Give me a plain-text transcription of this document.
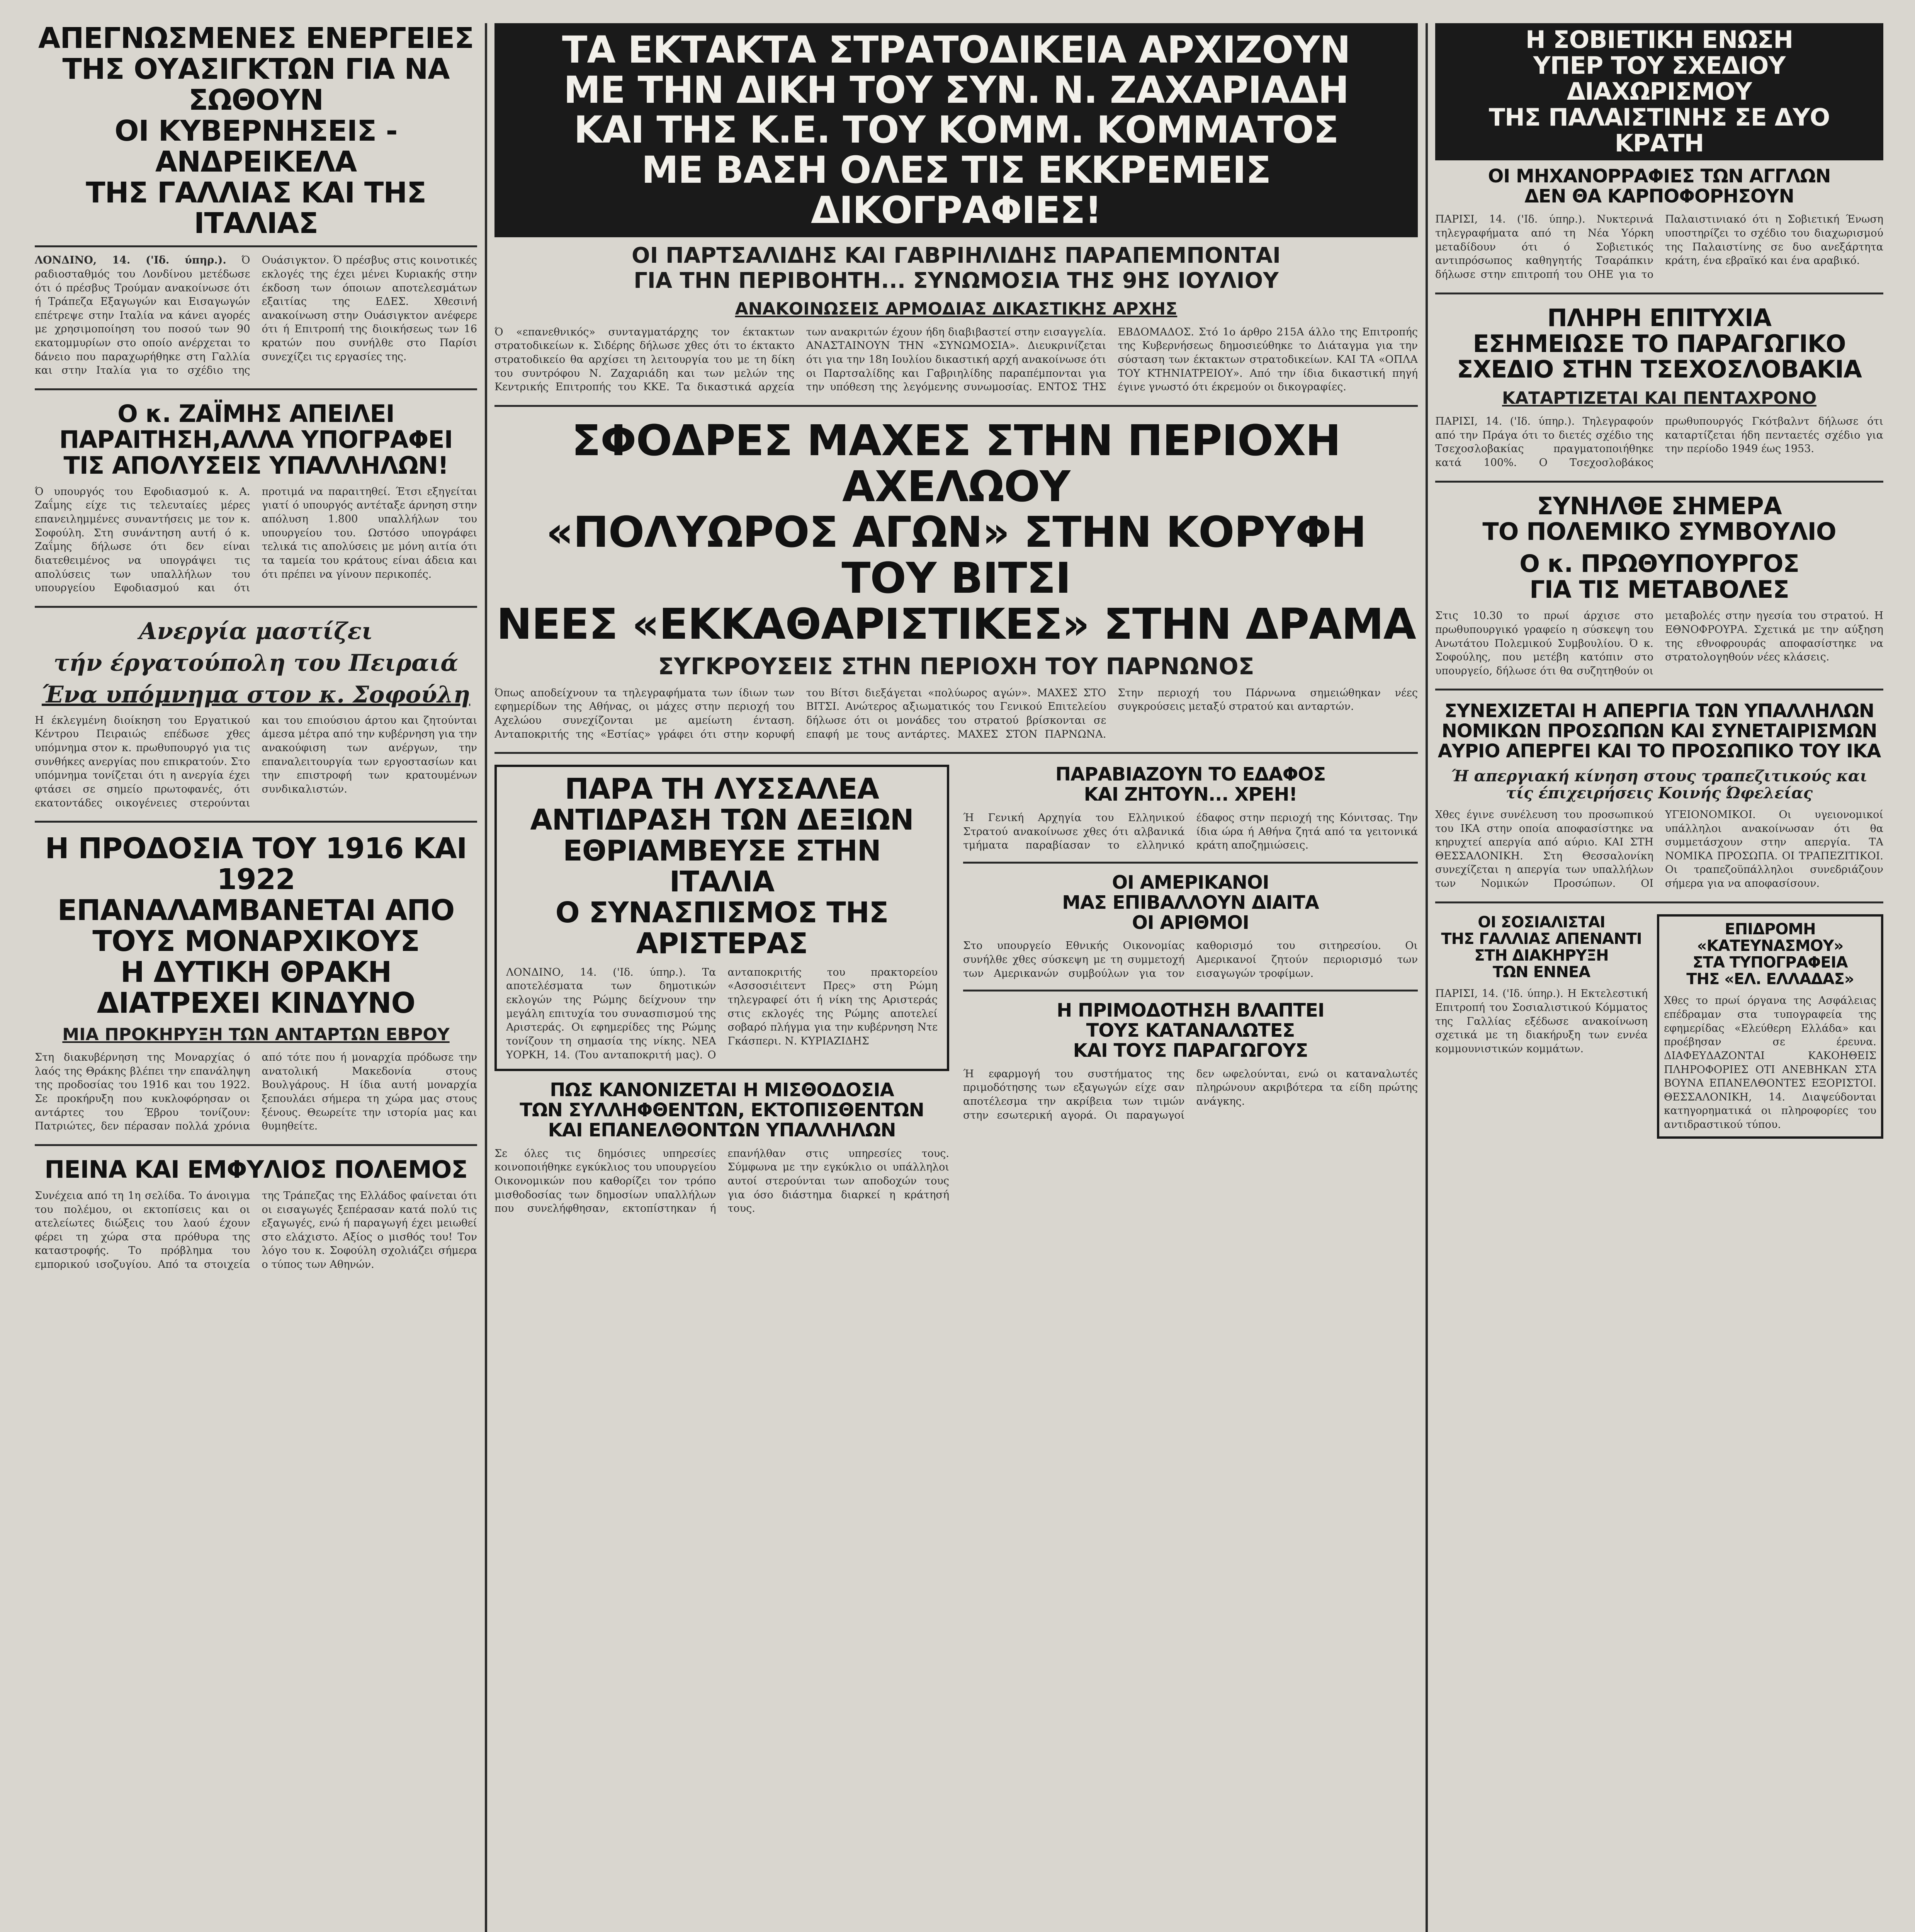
ΑΠΕΓΝΩΣΜΕΝΕΣ ΕΝΕΡΓΕΙΕΣ
ΤΗΣ ΟΥΑΣΙΓΚΤΩΝ ΓΙΑ ΝΑ ΣΩΘΟΥΝ
ΟΙ ΚΥΒΕΡΝΗΣΕΙΣ - ΑΝΔΡΕΙΚΕΛΑ
ΤΗΣ ΓΑΛΛΙΑΣ ΚΑΙ ΤΗΣ ΙΤΑΛΙΑΣ
ΛΟΝΔΙΝΟ, 14. ('Ιδ. ύπηρ.). Ό ραδιοσταθμός του Λονδίνου μετέδωσε ότι ό πρέσβυς Τρούμαν ανακοίνωσε ότι ή Τράπεζα Εξαγωγών και Εισαγωγών επέτρεψε στην Ιταλία να κάνει αγορές με χρησιμοποίηση του ποσού των 90 εκατομμυρίων στο οποίο ανέρχεται το δάνειο που παραχωρήθηκε στη Γαλλία και στην Ιταλία για το σχέδιο της Ουάσιγκτον. Ό πρέσβυς στις κοινοτικές εκλογές της έχει μένει Κυριακής στην έκδοση των όποιων αποτελεσμάτων εξαιτίας της ΕΔΕΣ. Χθεσινή ανακοίνωση στην Ουάσιγκτον ανέφερε ότι ή Επιτροπή της διοικήσεως των 16 κρατών που συνήλθε στο Παρίσι συνεχίζει τις εργασίες της.
Ο κ. ΖΑΪΜΗΣ ΑΠΕΙΛΕΙ
ΠΑΡΑΙΤΗΣΗ,ΑΛΛΑ ΥΠΟΓΡΑΦΕΙ
ΤΙΣ ΑΠΟΛΥΣΕΙΣ ΥΠΑΛΛΗΛΩΝ!
Ό υπουργός του Εφοδιασμού κ. Α. Ζαΐμης είχε τις τελευταίες μέρες επανειλημμένες συναντήσεις με τον κ. Σοφούλη. Στη συνάντηση αυτή ό κ. Ζαΐμης δήλωσε ότι δεν είναι διατεθειμένος να υπογράψει τις απολύσεις των υπαλλήλων του υπουργείου Εφοδιασμού και ότι προτιμά να παραιτηθεί. Έτσι εξηγείται γιατί ό υπουργός αντέταξε άρνηση στην απόλυση 1.800 υπαλλήλων του υπουργείου του. Ωστόσο υπογράφει τελικά τις απολύσεις με μόνη αιτία ότι τα ταμεία του κράτους είναι άδεια και ότι πρέπει να γίνουν περικοπές.
Ανεργία μαστίζει
τήν έργατούπολη του Πειραιά
Ένα υπόμνημα στον κ. Σοφούλη
Η έκλεγμένη διοίκηση του Εργατικού Κέντρου Πειραιώς επέδωσε χθες υπόμνημα στον κ. πρωθυπουργό για τις συνθήκες ανεργίας που επικρατούν. Στο υπόμνημα τονίζεται ότι η ανεργία έχει φτάσει σε σημείο πρωτοφανές, ότι εκατοντάδες οικογένειες στερούνται και του επιούσιου άρτου και ζητούνται άμεσα μέτρα από την κυβέρνηση για την ανακούφιση των ανέργων, την επαναλειτουργία των εργοστασίων και την επιστροφή των κρατουμένων συνδικαλιστών.
Η ΠΡΟΔΟΣΙΑ ΤΟΥ 1916 ΚΑΙ 1922
ΕΠΑΝΑΛΑΜΒΑΝΕΤΑΙ ΑΠΟ ΤΟΥΣ ΜΟΝΑΡΧΙΚΟΥΣ
Η ΔΥΤΙΚΗ ΘΡΑΚΗ ΔΙΑΤΡΕΧΕΙ ΚΙΝΔΥΝΟ
ΜΙΑ ΠΡΟΚΗΡΥΞΗ ΤΩΝ ΑΝΤΑΡΤΩΝ ΕΒΡΟΥ
Στη διακυβέρνηση της Μοναρχίας ό λαός της Θράκης βλέπει την επανάληψη της προδοσίας του 1916 και του 1922. Σε προκήρυξη που κυκλοφόρησαν οι αντάρτες του Έβρου τονίζουν: Πατριώτες, δεν πέρασαν πολλά χρόνια από τότε που ή μοναρχία πρόδωσε την ανατολική Μακεδονία στους Βουλγάρους. Η ίδια αυτή μοναρχία ξεπουλάει σήμερα τη χώρα μας στους ξένους. Θεωρείτε την ιστορία μας και θυμηθείτε.
ΠΕΙΝΑ ΚΑΙ ΕΜΦΥΛΙΟΣ ΠΟΛΕΜΟΣ
Συνέχεια από τη 1η σελίδα. Το άνοιγμα του πολέμου, οι εκτοπίσεις και οι ατελείωτες διώξεις του λαού έχουν φέρει τη χώρα στα πρόθυρα της καταστροφής. Το πρόβλημα του εμπορικού ισοζυγίου. Από τα στοιχεία της Τράπεζας της Ελλάδος φαίνεται ότι οι εισαγωγές ξεπέρασαν κατά πολύ τις εξαγωγές, ενώ ή παραγωγή έχει μειωθεί στο ελάχιστο. Αξίος ο μισθός του! Τον λόγο του κ. Σοφούλη σχολιάζει σήμερα ο τύπος των Αθηνών.
ΤΑ ΕΚΤΑΚΤΑ ΣΤΡΑΤΟΔΙΚΕΙΑ ΑΡΧΙΖΟΥΝ
ΜΕ ΤΗΝ ΔΙΚΗ ΤΟΥ ΣΥΝ. Ν. ΖΑΧΑΡΙΑΔΗ
ΚΑΙ ΤΗΣ Κ.Ε. ΤΟΥ ΚΟΜΜ. ΚΟΜΜΑΤΟΣ
ΜΕ ΒΑΣΗ ΟΛΕΣ ΤΙΣ ΕΚΚΡΕΜΕΙΣ ΔΙΚΟΓΡΑΦΙΕΣ!
ΟΙ ΠΑΡΤΣΑΛΙΔΗΣ ΚΑΙ ΓΑΒΡΙΗΛΙΔΗΣ ΠΑΡΑΠΕΜΠΟΝΤΑΙ
ΓΙΑ ΤΗΝ ΠΕΡΙΒΟΗΤΗ... ΣΥΝΩΜΟΣΙΑ ΤΗΣ 9ΗΣ ΙΟΥΛΙΟΥ
ΑΝΑΚΟΙΝΩΣΕΙΣ ΑΡΜΟΔΙΑΣ ΔΙΚΑΣΤΙΚΗΣ ΑΡΧΗΣ
Ό «επανεθνικός» συνταγματάρχης τον έκτακτων στρατοδικείων κ. Σιδέρης δήλωσε χθες ότι το έκτακτο στρατοδικείο θα αρχίσει τη λειτουργία του με τη δίκη του συντρόφου Ν. Ζαχαριάδη και των μελών της Κεντρικής Επιτροπής του ΚΚΕ. Τα δικαστικά αρχεία των ανακριτών έχουν ήδη διαβιβαστεί στην εισαγγελία. ΑΝΑΣΤΑΙΝΟΥΝ ΤΗΝ «ΣΥΝΩΜΟΣΙΑ». Διευκρινίζεται ότι για την 18η Ιουλίου δικαστική αρχή ανακοίνωσε ότι οι Παρτσαλίδης και Γαβριηλίδης παραπέμπονται για την υπόθεση της λεγόμενης συνωμοσίας. ΕΝΤΟΣ ΤΗΣ ΕΒΔΟΜΑΔΟΣ. Στό 1ο άρθρο 215Α άλλο της Επιτροπής της Κυβερνήσεως δημοσιεύθηκε το Διάταγμα για την σύσταση των έκτακτων στρατοδικείων. ΚΑΙ ΤΑ «ΟΠΛΑ ΤΟΥ ΚΤΗΝΙΑΤΡΕΙΟΥ». Από την ίδια δικαστική πηγή έγινε γνωστό ότι έκρεμούν οι δικογραφίες.
ΣΦΟΔΡΕΣ ΜΑΧΕΣ ΣΤΗΝ ΠΕΡΙΟΧΗ ΑΧΕΛΩΟΥ
«ΠΟΛΥΩΡΟΣ ΑΓΩΝ» ΣΤΗΝ ΚΟΡΥΦΗ ΤΟΥ ΒΙΤΣΙ
ΝΕΕΣ «ΕΚΚΑΘΑΡΙΣΤΙΚΕΣ» ΣΤΗΝ ΔΡΑΜΑ
ΣΥΓΚΡΟΥΣΕΙΣ ΣΤΗΝ ΠΕΡΙΟΧΗ ΤΟΥ ΠΑΡΝΩΝΟΣ
Όπως αποδείχνουν τα τηλεγραφήματα των ίδιων των εφημερίδων της Αθήνας, οι μάχες στην περιοχή του Αχελώου συνεχίζονται με αμείωτη ένταση. Ανταποκριτής της «Εστίας» γράφει ότι στην κορυφή του Βίτσι διεξάγεται «πολύωρος αγών». ΜΑΧΕΣ ΣΤΟ ΒΙΤΣΙ. Ανώτερος αξιωματικός του Γενικού Επιτελείου δήλωσε ότι οι μονάδες του στρατού βρίσκονται σε επαφή με τους αντάρτες. ΜΑΧΕΣ ΣΤΟΝ ΠΑΡΝΩΝΑ. Στην περιοχή του Πάρνωνα σημειώθηκαν νέες συγκρούσεις μεταξύ στρατού και ανταρτών.
ΠΑΡΑ ΤΗ ΛΥΣΣΑΛΕΑ
ΑΝΤΙΔΡΑΣΗ ΤΩΝ ΔΕΞΙΩΝ
ΕΘΡΙΑΜΒΕΥΣΕ ΣΤΗΝ ΙΤΑΛΙΑ
Ο ΣΥΝΑΣΠΙΣΜΟΣ ΤΗΣ ΑΡΙΣΤΕΡΑΣ
ΛΟΝΔΙΝΟ, 14. ('Ιδ. ύπηρ.). Τα αποτελέσματα των δημοτικών εκλογών της Ρώμης δείχνουν την μεγάλη επιτυχία του συνασπισμού της Αριστεράς. Οι εφημερίδες της Ρώμης τονίζουν τη σημασία της νίκης. ΝΕΑ ΥΟΡΚΗ, 14. (Του ανταποκριτή μας). Ο ανταποκριτής του πρακτορείου «Ασσοσιέιτεντ Πρες» στη Ρώμη τηλεγραφεί ότι ή νίκη της Αριστεράς στις εκλογές της Ρώμης αποτελεί σοβαρό πλήγμα για την κυβέρνηση Ντε Γκάσπερι. Ν. ΚΥΡΙΑΖΙΔΗΣ
ΠΩΣ ΚΑΝΟΝΙΖΕΤΑΙ Η ΜΙΣΘΟΔΟΣΙΑ
ΤΩΝ ΣΥΛΛΗΦΘΕΝΤΩΝ, ΕΚΤΟΠΙΣΘΕΝΤΩΝ
ΚΑΙ ΕΠΑΝΕΛΘΟΝΤΩΝ ΥΠΑΛΛΗΛΩΝ
Σε όλες τις δημόσιες υπηρεσίες κοινοποιήθηκε εγκύκλιος του υπουργείου Οικονομικών που καθορίζει τον τρόπο μισθοδοσίας των δημοσίων υπαλλήλων που συνελήφθησαν, εκτοπίστηκαν ή επανήλθαν στις υπηρεσίες τους. Σύμφωνα με την εγκύκλιο οι υπάλληλοι αυτοί στερούνται των αποδοχών τους για όσο διάστημα διαρκεί η κράτησή τους.
ΠΑΡΑΒΙΑΖΟΥΝ ΤΟ ΕΔΑΦΟΣ
ΚΑΙ ΖΗΤΟΥΝ... ΧΡΕΗ!
Ή Γενική Αρχηγία του Ελληνικού Στρατού ανακοίνωσε χθες ότι αλβανικά τμήματα παραβίασαν το ελληνικό έδαφος στην περιοχή της Κόνιτσας. Την ίδια ώρα ή Αθήνα ζητά από τα γειτονικά κράτη αποζημιώσεις.
ΟΙ ΑΜΕΡΙΚΑΝΟΙ
ΜΑΣ ΕΠΙΒΑΛΛΟΥΝ ΔΙΑΙΤΑ
ΟΙ ΑΡΙΘΜΟΙ
Στο υπουργείο Εθνικής Οικονομίας συνήλθε χθες σύσκεψη με τη συμμετοχή των Αμερικανών συμβούλων για τον καθορισμό του σιτηρεσίου. Οι Αμερικανοί ζητούν περιορισμό των εισαγωγών τροφίμων.
Η ΠΡΙΜΟΔΟΤΗΣΗ ΒΛΑΠΤΕΙ
ΤΟΥΣ ΚΑΤΑΝΑΛΩΤΕΣ
ΚΑΙ ΤΟΥΣ ΠΑΡΑΓΩΓΟΥΣ
Ή εφαρμογή του συστήματος της πριμοδότησης των εξαγωγών είχε σαν αποτέλεσμα την ακρίβεια των τιμών στην εσωτερική αγορά. Οι παραγωγοί δεν ωφελούνται, ενώ οι καταναλωτές πληρώνουν ακριβότερα τα είδη πρώτης ανάγκης.
Η ΣΟΒΙΕΤΙΚΗ ΕΝΩΣΗ
ΥΠΕΡ ΤΟΥ ΣΧΕΔΙΟΥ ΔΙΑΧΩΡΙΣΜΟΥ
ΤΗΣ ΠΑΛΑΙΣΤΙΝΗΣ ΣΕ ΔΥΟ ΚΡΑΤΗ
ΟΙ ΜΗΧΑΝΟΡΡΑΦΙΕΣ ΤΩΝ ΑΓΓΛΩΝ
ΔΕΝ ΘΑ ΚΑΡΠΟΦΟΡΗΣΟΥΝ
ΠΑΡΙΣΙ, 14. ('Ιδ. ύπηρ.). Νυκτερινά τηλεγραφήματα από τη Νέα Υόρκη μεταδίδουν ότι ό Σοβιετικός αντιπρόσωπος καθηγητής Τσαράπκιν δήλωσε στην επιτροπή του ΟΗΕ για το Παλαιστινιακό ότι η Σοβιετική Ένωση υποστηρίζει το σχέδιο του διαχωρισμού της Παλαιστίνης σε δυο ανεξάρτητα κράτη, ένα εβραϊκό και ένα αραβικό.
ΠΛΗΡΗ ΕΠΙΤΥΧΙΑ
ΕΣΗΜΕΙΩΣΕ ΤΟ ΠΑΡΑΓΩΓΙΚΟ
ΣΧΕΔΙΟ ΣΤΗΝ ΤΣΕΧΟΣΛΟΒΑΚΙΑ
ΚΑΤΑΡΤΙΖΕΤΑΙ ΚΑΙ ΠΕΝΤΑΧΡΟΝΟ
ΠΑΡΙΣΙ, 14. ('Ιδ. ύπηρ.). Τηλεγραφούν από την Πράγα ότι το διετές σχέδιο της Τσεχοσλοβακίας πραγματοποιήθηκε κατά 100%. Ο Τσεχοσλοβάκος πρωθυπουργός Γκότβαλντ δήλωσε ότι καταρτίζεται ήδη πενταετές σχέδιο για την περίοδο 1949 έως 1953.
ΣΥΝΗΛΘΕ ΣΗΜΕΡΑ
ΤΟ ΠΟΛΕΜΙΚΟ ΣΥΜΒΟΥΛΙΟ
Ο κ. ΠΡΩΘΥΠΟΥΡΓΟΣ
ΓΙΑ ΤΙΣ ΜΕΤΑΒΟΛΕΣ
Στις 10.30 το πρωί άρχισε στο πρωθυπουργικό γραφείο η σύσκεψη του Ανωτάτου Πολεμικού Συμβουλίου. Ό κ. Σοφούλης, που μετέβη κατόπιν στο υπουργείο, δήλωσε ότι θα συζητηθούν οι μεταβολές στην ηγεσία του στρατού. Η ΕΘΝΟΦΡΟΥΡΑ. Σχετικά με την αύξηση της εθνοφρουράς αποφασίστηκε να στρατολογηθούν νέες κλάσεις.
ΣΥΝΕΧΙΖΕΤΑΙ Η ΑΠΕΡΓΙΑ ΤΩΝ ΥΠΑΛΛΗΛΩΝ
ΝΟΜΙΚΩΝ ΠΡΟΣΩΠΩΝ ΚΑΙ ΣΥΝΕΤΑΙΡΙΣΜΩΝ
ΑΥΡΙΟ ΑΠΕΡΓΕΙ ΚΑΙ ΤΟ ΠΡΟΣΩΠΙΚΟ ΤΟΥ ΙΚΑ
Ή απεργιακή κίνηση στους τραπεζιτικούς και τίς έπιχειρήσεις Κοινής Ώφελείας
Χθες έγινε συνέλευση του προσωπικού του ΙΚΑ στην οποία αποφασίστηκε να κηρυχτεί απεργία από αύριο. ΚΑΙ ΣΤΗ ΘΕΣΣΑΛΟΝΙΚΗ. Στη Θεσσαλονίκη συνεχίζεται η απεργία των υπαλλήλων των Νομικών Προσώπων. ΟΙ ΥΓΕΙΟΝΟΜΙΚΟΙ. Οι υγειονομικοί υπάλληλοι ανακοίνωσαν ότι θα συμμετάσχουν στην απεργία. ΤΑ ΝΟΜΙΚΑ ΠΡΟΣΩΠΑ. ΟΙ ΤΡΑΠΕΖΙΤΙΚΟΙ. Οι τραπεζοϋπάλληλοι συνεδριάζουν σήμερα για να αποφασίσουν.
ΟΙ ΣΟΣΙΑΛΙΣΤΑΙ
ΤΗΣ ΓΑΛΛΙΑΣ ΑΠΕΝΑΝΤΙ
ΣΤΗ ΔΙΑΚΗΡΥΞΗ
ΤΩΝ ΕΝΝΕΑ
ΠΑΡΙΣΙ, 14. ('Ιδ. ύπηρ.). Η Εκτελεστική Επιτροπή του Σοσιαλιστικού Κόμματος της Γαλλίας εξέδωσε ανακοίνωση σχετικά με τη διακήρυξη των εννέα κομμουνιστικών κομμάτων.
ΕΠΙΔΡΟΜΗ
«ΚΑΤΕΥΝΑΣΜΟΥ»
ΣΤΑ ΤΥΠΟΓΡΑΦΕΙΑ
ΤΗΣ «ΕΛ. ΕΛΛΑΔΑΣ»
Χθες το πρωί όργανα της Ασφάλειας επέδραμαν στα τυπογραφεία της εφημερίδας «Ελεύθερη Ελλάδα» και προέβησαν σε έρευνα. ΔΙΑΦΕΥΔΑΖΟΝΤΑΙ ΚΑΚΟΗΘΕΙΣ ΠΛΗΡΟΦΟΡΙΕΣ ΟΤΙ ΑΝΕΒΗΚΑΝ ΣΤΑ ΒΟΥΝΑ ΕΠΑΝΕΛΘΟΝΤΕΣ ΕΞΟΡΙΣΤΟΙ. ΘΕΣΣΑΛΟΝΙΚΗ, 14. Διαψεύδονται κατηγορηματικά οι πληροφορίες του αντιδραστικού τύπου.
